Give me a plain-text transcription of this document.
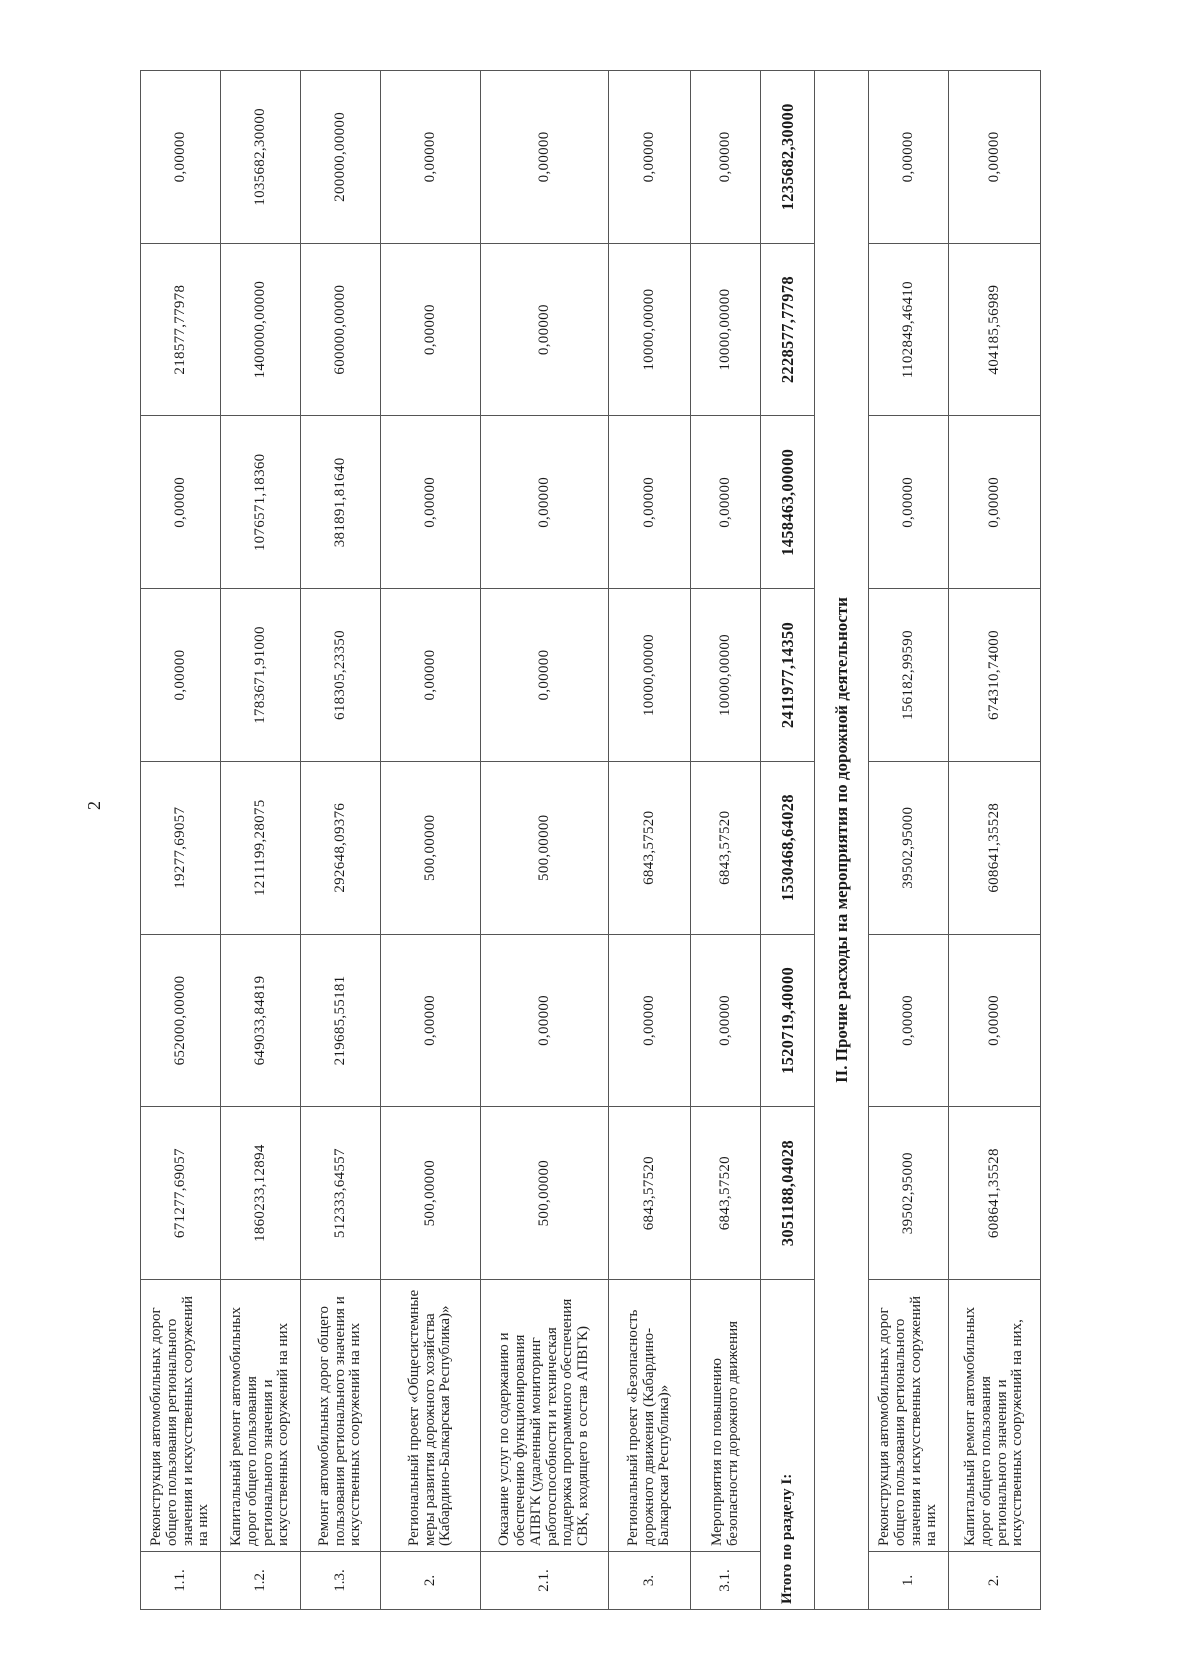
2
1.1.	Реконструкция автомобильных дорог общего пользования регионального значения и искусственных сооружений на них	671277,69057	652000,00000	19277,69057	0,00000	0,00000	218577,77978	0,00000
1.2.	Капитальный ремонт автомобильных дорог общего пользования регионального значения и искусственных сооружений на них	1860233,12894	649033,84819	1211199,28075	1783671,91000	1076571,18360	1400000,00000	1035682,30000
1.3.	Ремонт автомобильных дорог общего пользования регионального значения и искусственных сооружений на них	512333,64557	219685,55181	292648,09376	618305,23350	381891,81640	600000,00000	200000,00000
2.	Региональный проект «Общесистемные меры развития дорожного хозяйства (Кабардино-Балкарская Республика)»	500,00000	0,00000	500,00000	0,00000	0,00000	0,00000	0,00000
2.1.	Оказание услуг по содержанию и обеспечению функционирования АПВГК (удаленный мониторинг работоспособности и техническая поддержка программного обеспечения СВК, входящего в состав АПВГК)	500,00000	0,00000	500,00000	0,00000	0,00000	0,00000	0,00000
3.	Региональный проект «Безопасность дорожного движения (Кабардино-Балкарская Республика)»	6843,57520	0,00000	6843,57520	10000,00000	0,00000	10000,00000	0,00000
3.1.	Мероприятия по повышению безопасности дорожного движения	6843,57520	0,00000	6843,57520	10000,00000	0,00000	10000,00000	0,00000
Итого по разделу I:		3051188,04028	1520719,40000	1530468,64028	2411977,14350	1458463,00000	2228577,77978	1235682,30000
II. Прочие расходы на мероприятия по дорожной деятельности								
1.	Реконструкция автомобильных дорог общего пользования регионального значения и искусственных сооружений на них	39502,95000	0,00000	39502,95000	156182,99590	0,00000	1102849,46410	0,00000
2.	Капитальный ремонт автомобильных дорог общего пользования регионального значения и искусственных сооружений на них,	608641,35528	0,00000	608641,35528	674310,74000	0,00000	404185,56989	0,00000
